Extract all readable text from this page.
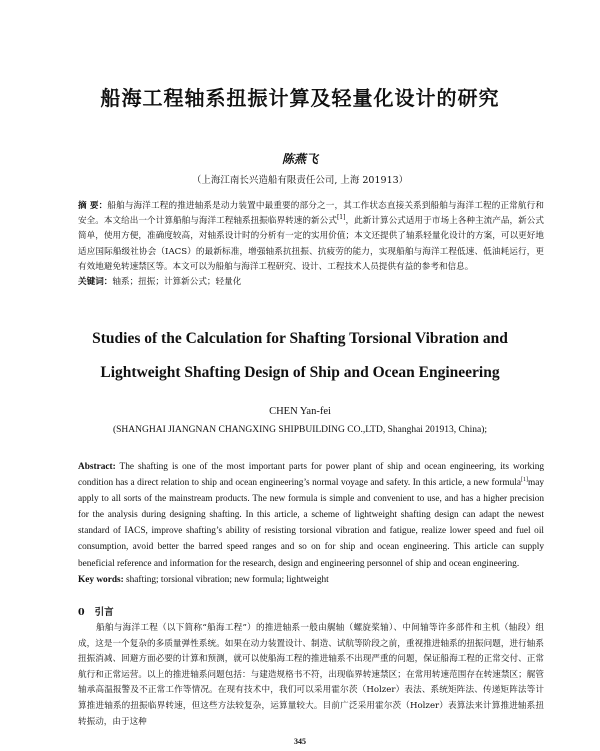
船海工程轴系扭振计算及轻量化设计的研究
陈燕飞
（上海江南长兴造船有限责任公司, 上海 201913）
摘 要：船舶与海洋工程的推进轴系是动力装置中最重要的部分之一，其工作状态直接关系到船舶与海洋工程的正常航行和安全。本文给出一个计算船舶与海洋工程轴系扭振临界转速的新公式[1]，此新计算公式适用于市场上各种主流产品，新公式简单，使用方便，准确度较高，对轴系设计时的分析有一定的实用价值；本文还提供了轴系轻量化设计的方案，可以更好地适应国际船级社协会（IACS）的最新标准，增强轴系抗扭振、抗疲劳的能力，实现船舶与海洋工程低速、低油耗运行，更有效地避免转速禁区等。本文可以为船舶与海洋工程研究、设计、工程技术人员提供有益的参考和信息。
关键词：轴系；扭振；计算新公式；轻量化
Studies of the Calculation for Shafting Torsional Vibration and
Lightweight Shafting Design of Ship and Ocean Engineering
CHEN Yan-fei
(SHANGHAI JIANGNAN CHANGXING SHIPBUILDING CO.,LTD, Shanghai 201913, China);
Abstract: The shafting is one of the most important parts for power plant of ship and ocean engineering, its working condition has a direct relation to ship and ocean engineering’s normal voyage and safety. In this article, a new formula[1]may apply to all sorts of the mainstream products. The new formula is simple and convenient to use, and has a higher precision for the analysis during designing shafting. In this article, a scheme of lightweight shafting design can adapt the newest standard of IACS, improve shafting’s ability of resisting torsional vibration and fatigue, realize lower speed and fuel oil consumption, avoid better the barred speed ranges and so on for ship and ocean engineering. This article can supply beneficial reference and information for the research, design and engineering personnel of ship and ocean engineering.
Key words: shafting; torsional vibration; new formula; lightweight
0 引言
船舶与海洋工程（以下简称“船海工程”）的推进轴系一般由艉轴（螺旋桨轴）、中间轴等许多部件和主机（轴段）组成，这是一个复杂的多质量弹性系统。如果在动力装置设计、制造、试航等阶段之前，重视推进轴系的扭振问题，进行轴系扭振消减、回避方面必要的计算和预测，就可以使船海工程的推进轴系不出现严重的问题，保证船海工程的正常交付、正常航行和正常运营。以上的推进轴系问题包括：与建造规格书不符，出现临界转速禁区；在常用转速范围存在转速禁区；艉管轴承高温报警及不正常工作等情况。在现有技术中，我们可以采用霍尔茨（Holzer）表法、系统矩阵法、传递矩阵法等计算推进轴系的扭振临界转速，但这些方法较复杂，运算量较大。目前广泛采用霍尔茨（Holzer）表算法来计算推进轴系扭转振动，由于这种
345
